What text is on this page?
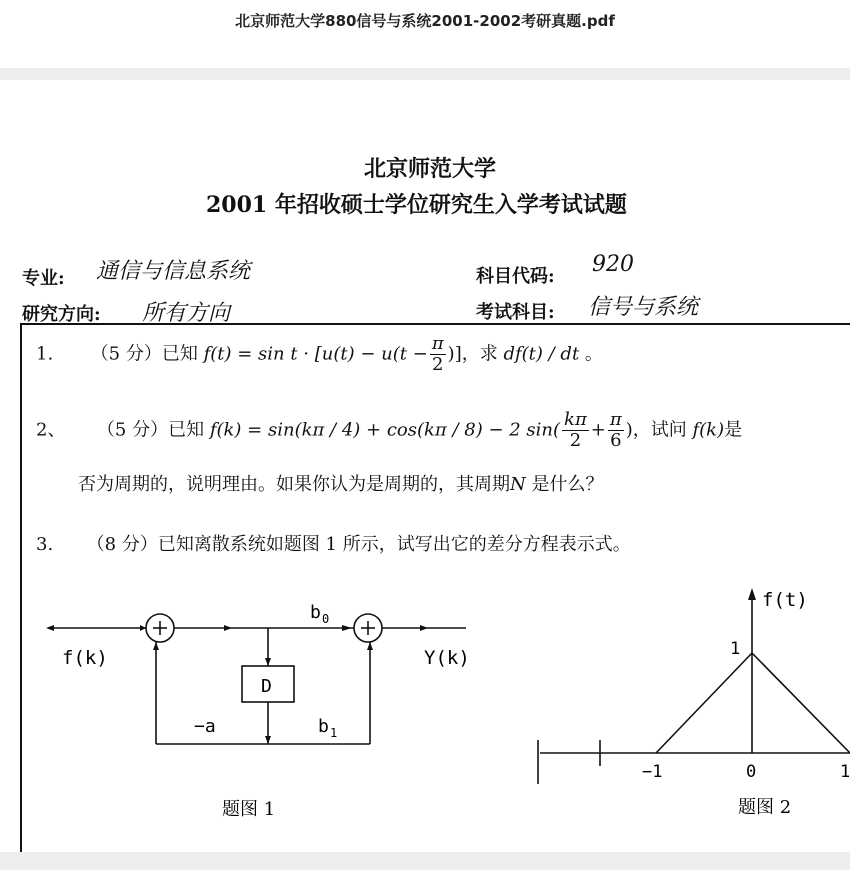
北京师范大学880信号与系统2001-2002考研真题.pdf
北京师范大学
2001 年招收硕士学位研究生入学考试试题
专业: 通信与信息系统
研究方向: 所有方向
科目代码: 920
考试科目: 信号与系统
1. （5 分）已知 $f(t) = \sin t \cdot [u(t) - u(t - \frac{\pi}{2}$ )]，求 df(t) / dt 。
2、 （5 分）已知 f(k) = sin(kπ / 4) + cos(kπ / 8) − 2 $\sin( \frac{k\pi}{2} + \frac{\pi}{6}$ )，试问 f(k)是
否为周期的，说明理由。如果你认为是周期的，其周期N 是什么？
3. （8 分）已知离散系统如题图 1 所示，试写出它的差分方程表示式。
f(k)	Y(k)
D
−a
b 0
b 1
题图 1
f(t)
1
−1	0	1
题图 2
